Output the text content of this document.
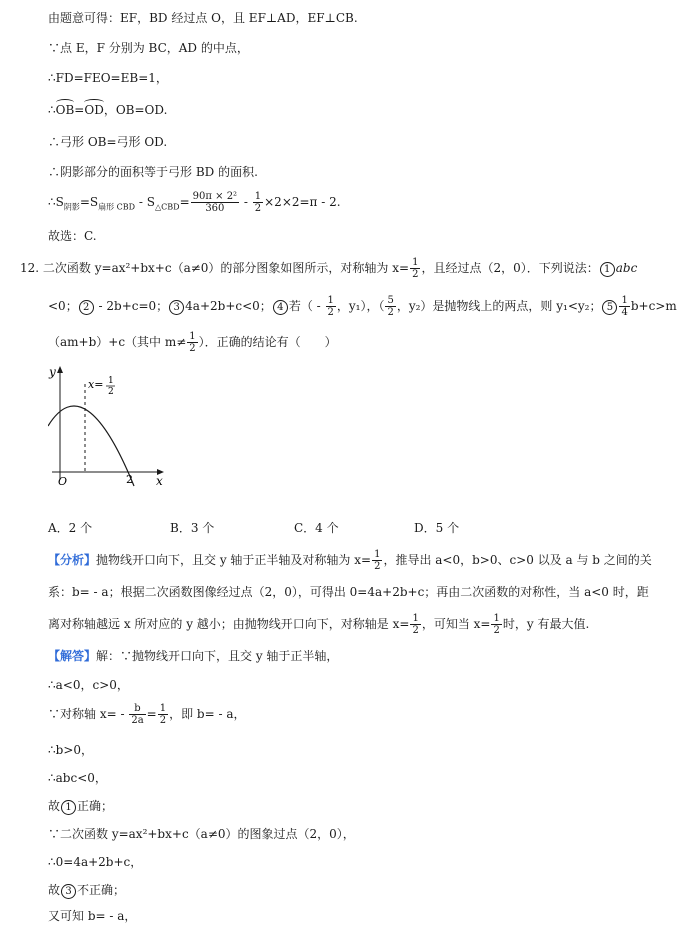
由题意可得：EF，BD 经过点 O，且 EF⊥AD，EF⊥CB.
∵点 E，F 分别为 BC，AD 的中点，
∴FD=FEO=EB=1，
∴OB=OD，OB=OD.
∴弓形 OB=弓形 OD.
∴阴影部分的面积等于弓形 BD 的面积.
$\therefore S_{阴影}=S_{扇形 CBD} - S_{\triangle CBD}= \frac{\text{90π × 2²}}{360} - \frac{1}{2} \times 2\times 2=\pi - 2$.
故选：C.
12. 二次函数 y=ax²+bx+c（a≠0）的部分图象如图所示，对称轴为 $x= \frac{1}{2}$ ，且经过点（2，0）．下列说法： 1 abc
<0； 2 - 2b+c=0； 3 4a+2b+c<0； 4 若（ - $\frac{1}{2}$ ，y₁），（ $\frac{5}{2}$ ，y₂）是抛物线上的两点，则 y₁<y₂； $5 \frac{1}{4} b+c>m$
（am+b）+c（其中 $m\ne \frac{1}{2}$ ）．正确的结论有（　　）
y
x
O	2
x= 1
2
A．2 个	B．3 个	C．4 个	D．5 个
【分析】抛物线开口向下，且交 y 轴于正半轴及对称轴为 $x= \frac{1}{2}$ ，推导出 a<0，b>0、c>0 以及 a 与 b 之间的关
系：b= - a；根据二次函数图像经过点（2，0），可得出 0=4a+2b+c；再由二次函数的对称性，当 a<0 时，距
离对称轴越远 x 所对应的 y 越小；由抛物线开口向下，对称轴是 $x= \frac{1}{2}$ ，可知当 $x= \frac{1}{2}$ 时，y 有最大值.
【解答】解：∵抛物线开口向下，且交 y 轴于正半轴，
∴a<0，c>0，
∵对称轴 $x= - \frac{b}{2a} = \frac{1}{2}$ ，即 b= - a，
∴b>0，
∴abc<0，
故 1 正确；
∵二次函数 y=ax²+bx+c（a≠0）的图象过点（2，0），
∴0=4a+2b+c，
故 3 不正确；
又可知 b= - a，
